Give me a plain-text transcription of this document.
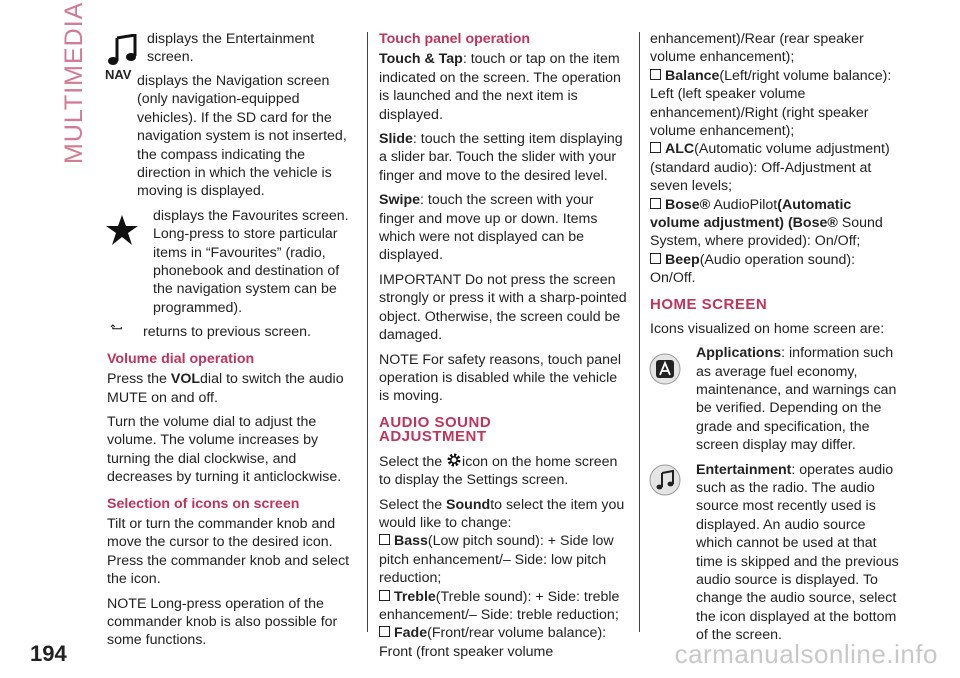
MULTIMEDIA	displays the Entertainment screen.

NAV displays the Navigation screen (only navigation-equipped vehicles). If the SD card for the navigation system is not inserted, the compass indicating the direction in which the vehicle is moving is displayed.

displays the Favourites screen. Long-press to store particular items in “Favourites” (radio, phonebook and destination of the navigation system can be programmed).

returns to previous screen.

Volume dial operation

Press the VOLdial to switch the audio MUTE on and off.

Turn the volume dial to adjust the volume. The volume increases by turning the dial clockwise, and decreases by turning it anticlockwise.

Selection of icons on screen

Tilt or turn the commander knob and move the cursor to the desired icon. Press the commander knob and select the icon.

NOTE Long-press operation of the commander knob is also possible for some functions.

Touch panel operation

Touch & Tap: touch or tap on the item indicated on the screen. The operation is launched and the next item is displayed.

Slide: touch the setting item displaying a slider bar. Touch the slider with your finger and move to the desired level.

Swipe: touch the screen with your finger and move up or down. Items which were not displayed can be displayed.

IMPORTANT Do not press the screen strongly or press it with a sharp-pointed object. Otherwise, the screen could be damaged.

NOTE For safety reasons, touch panel operation is disabled while the vehicle is moving.

AUDIO SOUND
ADJUSTMENT

Select the icon on the home screen to display the Settings screen.

Select the Soundto select the item you would like to change:

Bass(Low pitch sound): + Side low pitch enhancement/– Side: low pitch reduction;

Treble(Treble sound): + Side: treble enhancement/– Side: treble reduction;

Fade(Front/rear volume balance): Front (front speaker volume

enhancement)/Rear (rear speaker volume enhancement);

Balance(Left/right volume balance): Left (left speaker volume enhancement)/Right (right speaker volume enhancement);

ALC(Automatic volume adjustment) (standard audio): Off-Adjustment at seven levels;

Bose® AudioPilot(Automatic volume adjustment) (Bose® Sound System, where provided): On/Off;

Beep(Audio operation sound): On/Off.

HOME SCREEN

Icons visualized on home screen are:

Applications: information such as average fuel economy, maintenance, and warnings can be verified. Depending on the grade and specification, the screen display may differ.

Entertainment: operates audio such as the radio. The audio source most recently used is displayed. An audio source which cannot be used at that time is skipped and the previous audio source is displayed. To change the audio source, select the icon displayed at the bottom of the screen.

194	carmanualsonline.info
